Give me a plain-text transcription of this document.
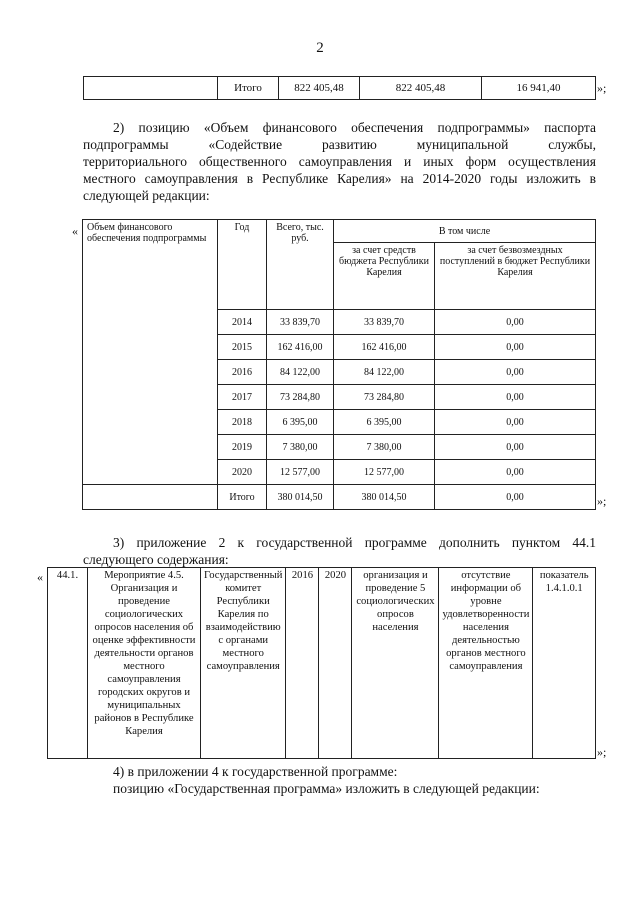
2
	Итого	822 405,48	822 405,48	16 941,40	»;
2) позицию «Объем финансового обеспечения подпрограммы» паспорта
подпрограммы «Содействие развитию муниципальной службы,
территориального общественного самоуправления и иных форм осуществления
местного самоуправления в Республике Карелия» на 2014-2020 годы изложить в
следующей редакции:
« Объем финансового обеспечения подпрограммы	Год	Всего, тыс. руб.	В том числе	
			за счет средств бюджета Республики Карелия	за счет безвозмездных поступлений в бюджет Республики Карелия
	2014	33 839,70	33 839,70	0,00
	2015	162 416,00	162 416,00	0,00
	2016	84 122,00	84 122,00	0,00
	2017	73 284,80	73 284,80	0,00
	2018	6 395,00	6 395,00	0,00
	2019	7 380,00	7 380,00	0,00
	2020	12 577,00	12 577,00	0,00
	Итого	380 014,50	380 014,50	0,00	»;
3) приложение 2 к государственной программе дополнить пунктом 44.1
следующего содержания:
« 44.1.	Мероприятие 4.5. Организация и проведение социологических опросов населения об оценке эффективности деятельности органов местного самоуправления городских округов и муниципальных районов в Республике Карелия	Государственный комитет Республики Карелия по взаимодействию с органами местного самоуправления	2016	2020	организация и проведение 5 социологических опросов населения	отсутствие информации об уровне удовлетворенности населения деятельностью органов местного самоуправления	показатель 1.4.1.0.1
»;
4) в приложении 4 к государственной программе:
позицию «Государственная программа» изложить в следующей редакции:
